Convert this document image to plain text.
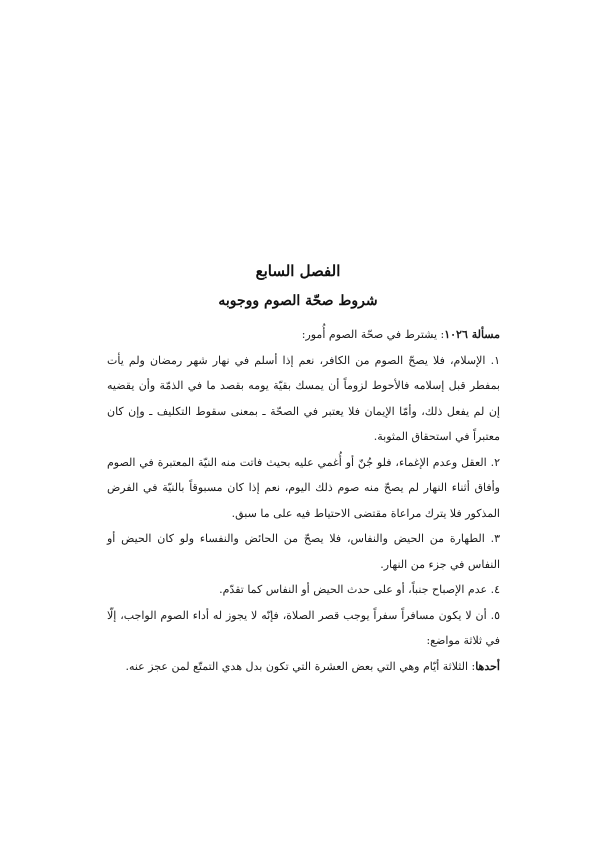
الفصل السابع
شروط صحّة الصوم ووجوبه

مسألة ١٠٢٦: يشترط في صحّة الصوم أُمور:

١. الإسلام، فلا يصحّ الصوم من الكافر، نعم إذا أسلم في نهار شهر رمضان ولم يأت بمفطر قبل إسلامه فالأحوط لزوماً أن يمسك بقيّة يومه بقصد ما في الذمّة وأن يقضيه إن لم يفعل ذلك، وأمّا الإيمان فلا يعتبر في الصحّة ـ بمعنى سقوط التكليف ـ وإن كان معتبراً في استحقاق المثوبة.

٢. العقل وعدم الإغماء، فلو جُنّ أو أُغمي عليه بحيث فاتت منه النيّة المعتبرة في الصوم وأفاق أثناء النهار لم يصحّ منه صوم ذلك اليوم، نعم إذا كان مسبوقاً بالنيّة في الفرض المذكور فلا يترك مراعاة مقتضى الاحتياط فيه على ما سبق.

٣. الطهارة من الحيض والنفاس، فلا يصحّ من الحائض والنفساء ولو كان الحيض أو النفاس في جزء من النهار.

٤. عدم الإصباح جنباً، أو على حدث الحيض أو النفاس كما تقدّم.

٥. أن لا يكون مسافراً سفراً يوجب قصر الصلاة، فإنّه لا يجوز له أداء الصوم الواجب، إلّا في ثلاثة مواضع:

أحدها: الثلاثة أيّام وهي التي بعض العشرة التي تكون بدل هدي التمتّع لمن عجز عنه.
